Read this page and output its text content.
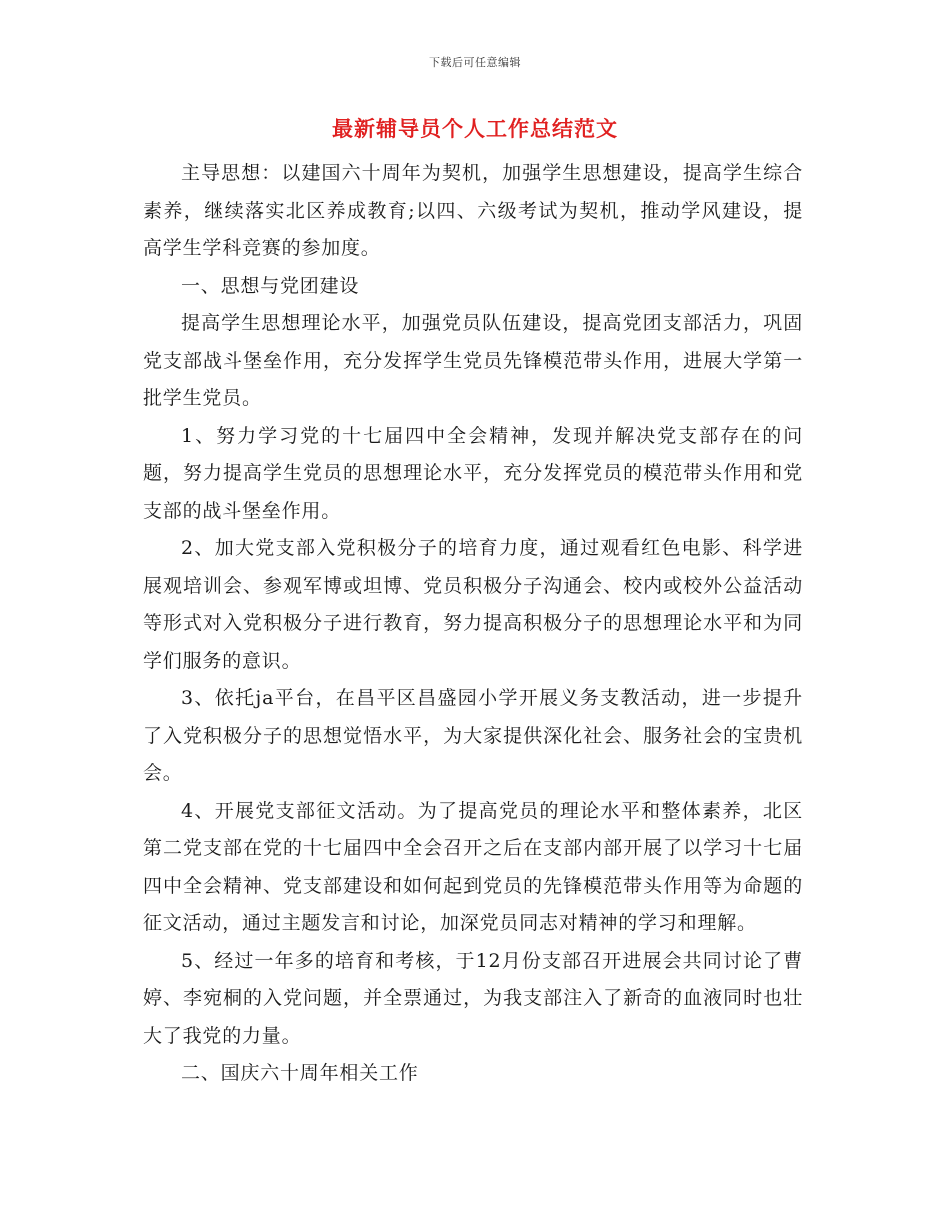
下载后可任意编辑
最新辅导员个人工作总结范文

主导思想：以建国六十周年为契机，加强学生思想建设，提高学生综合素养，继续落实北区养成教育;以四、六级考试为契机，推动学风建设，提高学生学科竞赛的参加度。

一、思想与党团建设

提高学生思想理论水平，加强党员队伍建设，提高党团支部活力，巩固党支部战斗堡垒作用，充分发挥学生党员先锋模范带头作用，进展大学第一批学生党员。

1、努力学习党的十七届四中全会精神，发现并解决党支部存在的问题，努力提高学生党员的思想理论水平，充分发挥党员的模范带头作用和党支部的战斗堡垒作用。

2、加大党支部入党积极分子的培育力度，通过观看红色电影、科学进展观培训会、参观军博或坦博、党员积极分子沟通会、校内或校外公益活动等形式对入党积极分子进行教育，努力提高积极分子的思想理论水平和为同学们服务的意识。

3、依托ja平台，在昌平区昌盛园小学开展义务支教活动，进一步提升了入党积极分子的思想觉悟水平，为大家提供深化社会、服务社会的宝贵机会。

4、开展党支部征文活动。为了提高党员的理论水平和整体素养，北区第二党支部在党的十七届四中全会召开之后在支部内部开展了以学习十七届四中全会精神、党支部建设和如何起到党员的先锋模范带头作用等为命题的征文活动，通过主题发言和讨论，加深党员同志对精神的学习和理解。

5、经过一年多的培育和考核，于12月份支部召开进展会共同讨论了曹婷、李宛桐的入党问题，并全票通过，为我支部注入了新奇的血液同时也壮大了我党的力量。

二、国庆六十周年相关工作
